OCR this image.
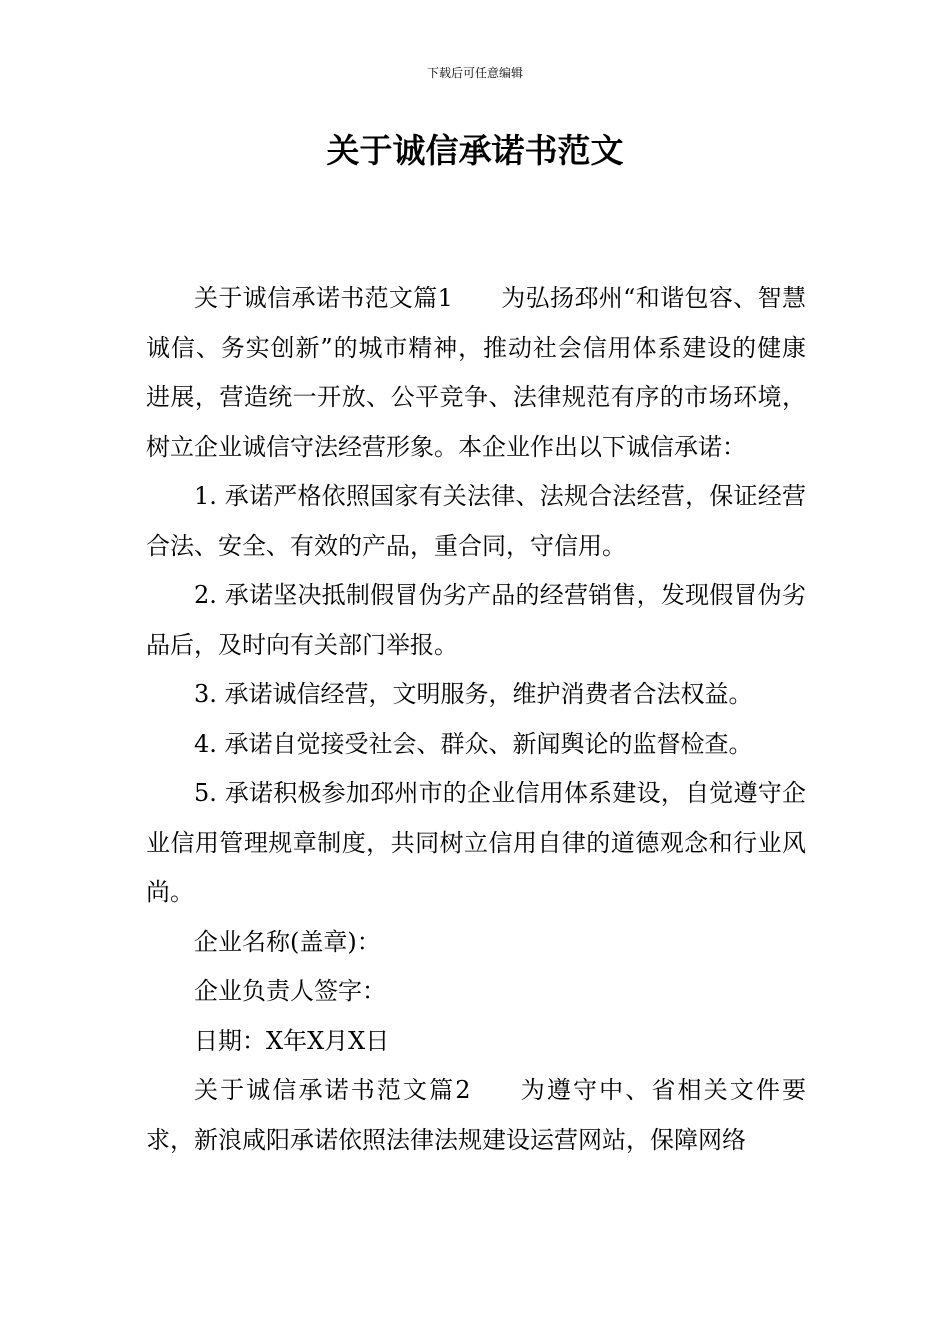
下载后可任意编辑
关于诚信承诺书范文

关于诚信承诺书范文篇1 为弘扬邳州“和谐包容、智慧诚信、务实创新”的城市精神，推动社会信用体系建设的健康进展，营造统一开放、公平竞争、法律规范有序的市场环境，树立企业诚信守法经营形象。本企业作出以下诚信承诺：

1. 承诺严格依照国家有关法律、法规合法经营，保证经营合法、安全、有效的产品，重合同，守信用。

2. 承诺坚决抵制假冒伪劣产品的经营销售，发现假冒伪劣品后，及时向有关部门举报。

3. 承诺诚信经营，文明服务，维护消费者合法权益。

4. 承诺自觉接受社会、群众、新闻舆论的监督检查。

5. 承诺积极参加邳州市的企业信用体系建设，自觉遵守企业信用管理规章制度，共同树立信用自律的道德观念和行业风尚。

企业名称(盖章)：

企业负责人签字：

日期：X年X月X日

关于诚信承诺书范文篇2 为遵守中、省相关文件要求，新浪咸阳承诺依照法律法规建设运营网站，保障网络
